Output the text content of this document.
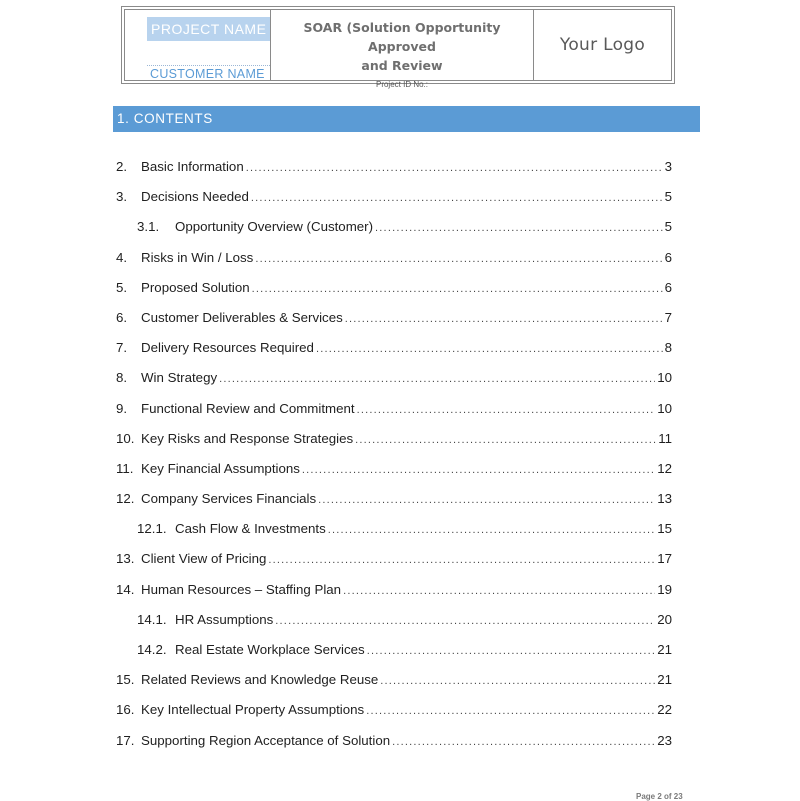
PROJECT NAME
CUSTOMER NAME
SOAR (Solution Opportunity Approved
and Review
Project ID No.:
Your Logo
1. CONTENTS
2.	Basic Information .....	3
3.	Decisions Needed .....	5
3.1.	Opportunity Overview (Customer) .....	5
4.	Risks in Win / Loss .....	6
5.	Proposed Solution .....	6
6.	Customer Deliverables & Services .....	7
7.	Delivery Resources Required .....	8
8.	Win Strategy .....	10
9.	Functional Review and Commitment .....	10
10. Key Risks and Response Strategies .....	11
11. Key Financial Assumptions .....	12
12. Company Services Financials .....	13
12.1. Cash Flow & Investments .....	15
13. Client View of Pricing .....	17
14. Human Resources – Staffing Plan .....	19
14.1. HR Assumptions .....	20
14.2. Real Estate Workplace Services .....	21
15. Related Reviews and Knowledge Reuse .....	21
16. Key Intellectual Property Assumptions .....	22
17. Supporting Region Acceptance of Solution .....	23
Page 2 of 23
